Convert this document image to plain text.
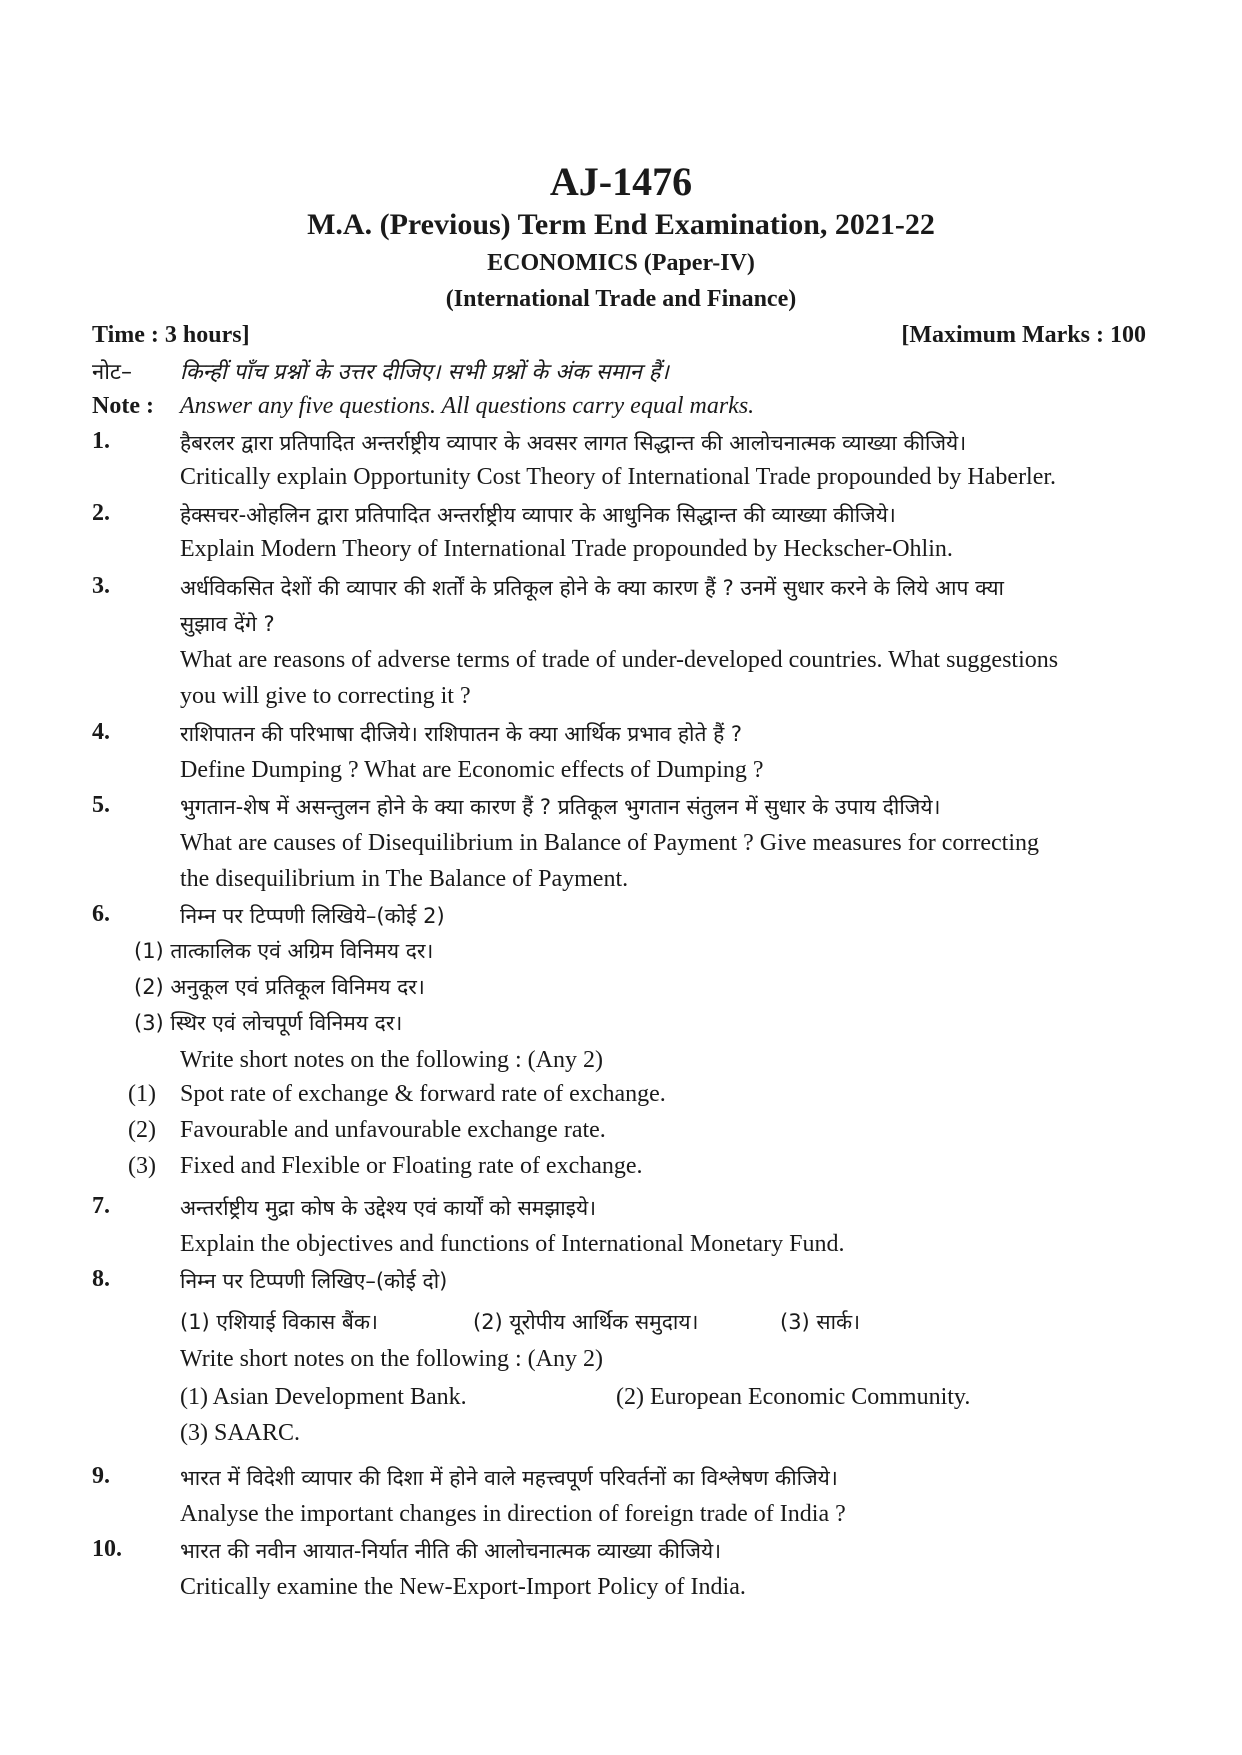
AJ-1476
M.A. (Previous) Term End Examination, 2021-22
ECONOMICS (Paper-IV)
(International Trade and Finance)
Time : 3 hours]	[Maximum Marks : 100
नोट– किन्हीं पाँच प्रश्नों के उत्तर दीजिए। सभी प्रश्नों के अंक समान हैं।
Note : Answer any five questions. All questions carry equal marks.
1.	हैबरलर द्वारा प्रतिपादित अन्तर्राष्ट्रीय व्यापार के अवसर लागत सिद्धान्त की आलोचनात्मक व्याख्या कीजिये।
Critically explain Opportunity Cost Theory of International Trade propounded by Haberler.
2.	हेक्सचर-ओहलिन द्वारा प्रतिपादित अन्तर्राष्ट्रीय व्यापार के आधुनिक सिद्धान्त की व्याख्या कीजिये।
Explain Modern Theory of International Trade propounded by Heckscher-Ohlin.
3.	अर्धविकसित देशों की व्यापार की शर्तों के प्रतिकूल होने के क्या कारण हैं ? उनमें सुधार करने के लिये आप क्या
सुझाव देंगे ?
What are reasons of adverse terms of trade of under-developed countries. What suggestions
you will give to correcting it ?
4.	राशिपातन की परिभाषा दीजिये। राशिपातन के क्या आर्थिक प्रभाव होते हैं ?
Define Dumping ? What are Economic effects of Dumping ?
5.	भुगतान-शेष में असन्तुलन होने के क्या कारण हैं ? प्रतिकूल भुगतान संतुलन में सुधार के उपाय दीजिये।
What are causes of Disequilibrium in Balance of Payment ? Give measures for correcting
the disequilibrium in The Balance of Payment.
6.	निम्न पर टिप्पणी लिखिये–(कोई 2)
(1) तात्कालिक एवं अग्रिम विनिमय दर।
(2) अनुकूल एवं प्रतिकूल विनिमय दर।
(3) स्थिर एवं लोचपूर्ण विनिमय दर।
Write short notes on the following : (Any 2)
(1) Spot rate of exchange & forward rate of exchange.
(2) Favourable and unfavourable exchange rate.
(3) Fixed and Flexible or Floating rate of exchange.
7.	अन्तर्राष्ट्रीय मुद्रा कोष के उद्देश्य एवं कार्यों को समझाइये।
Explain the objectives and functions of International Monetary Fund.
8.	निम्न पर टिप्पणी लिखिए–(कोई दो)
(1) एशियाई विकास बैंक।	(2) यूरोपीय आर्थिक समुदाय।	(3) सार्क।
Write short notes on the following : (Any 2)
(1) Asian Development Bank.	(2) European Economic Community.
(3) SAARC.
9.	भारत में विदेशी व्यापार की दिशा में होने वाले महत्त्वपूर्ण परिवर्तनों का विश्लेषण कीजिये।
Analyse the important changes in direction of foreign trade of India ?
10.	भारत की नवीन आयात-निर्यात नीति की आलोचनात्मक व्याख्या कीजिये।
Critically examine the New-Export-Import Policy of India.
